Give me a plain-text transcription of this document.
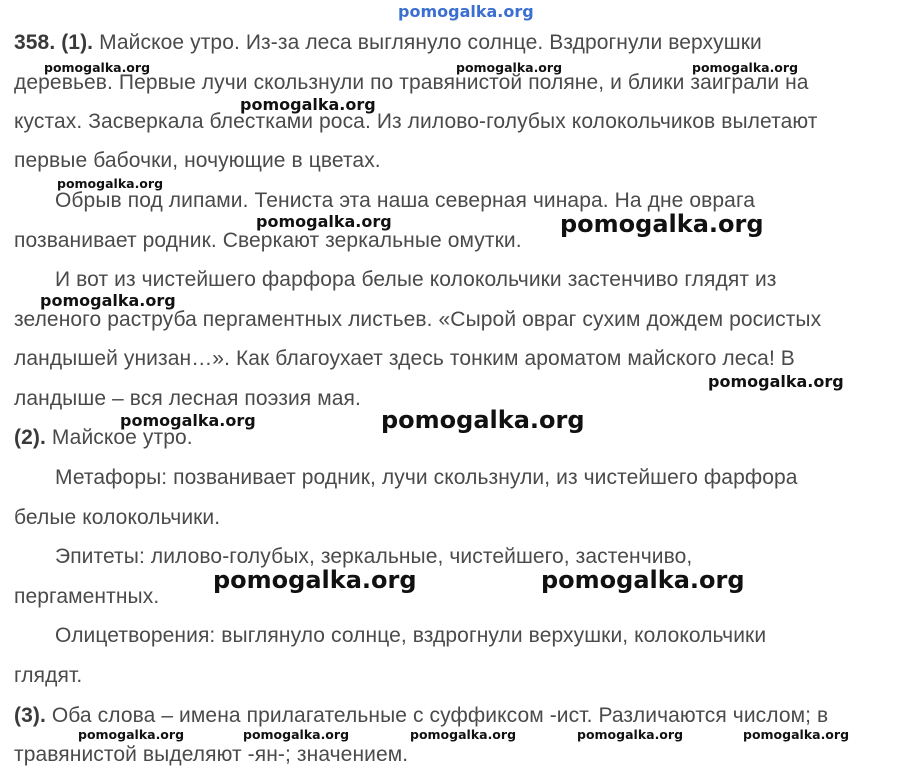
pomogalka.org
pomogalka.org	pomogalka.org	pomogalka.org
pomogalka.org
pomogalka.org
pomogalka.org	pomogalka.org
pomogalka.org
pomogalka.org
pomogalka.org	pomogalka.org
pomogalka.org	pomogalka.org
pomogalka.org	pomogalka.org	pomogalka.org	pomogalka.org	pomogalka.org
358. (1). Майское утро. Из-за леса выглянуло солнце. Вздрогнули верхушки
деревьев. Первые лучи скользнули по травянистой поляне, и блики заиграли на
кустах. Засверкала блестками роса. Из лилово-голубых колокольчиков вылетают
первые бабочки, ночующие в цветах.
Обрыв под липами. Тениста эта наша северная чинара. На дне оврага
позванивает родник. Сверкают зеркальные омутки.
И вот из чистейшего фарфора белые колокольчики застенчиво глядят из
зеленого раструба пергаментных листьев. «Сырой овраг сухим дождем росистых
ландышей унизан…». Как благоухает здесь тонким ароматом майского леса! В
ландыше – вся лесная поэзия мая.
(2). Майское утро.
Метафоры: позванивает родник, лучи скользнули, из чистейшего фарфора
белые колокольчики.
Эпитеты: лилово-голубых, зеркальные, чистейшего, застенчиво,
пергаментных.
Олицетворения: выглянуло солнце, вздрогнули верхушки, колокольчики
глядят.
(3). Оба слова – имена прилагательные с суффиксом -ист. Различаются числом; в
травянистой выделяют -ян-; значением.
